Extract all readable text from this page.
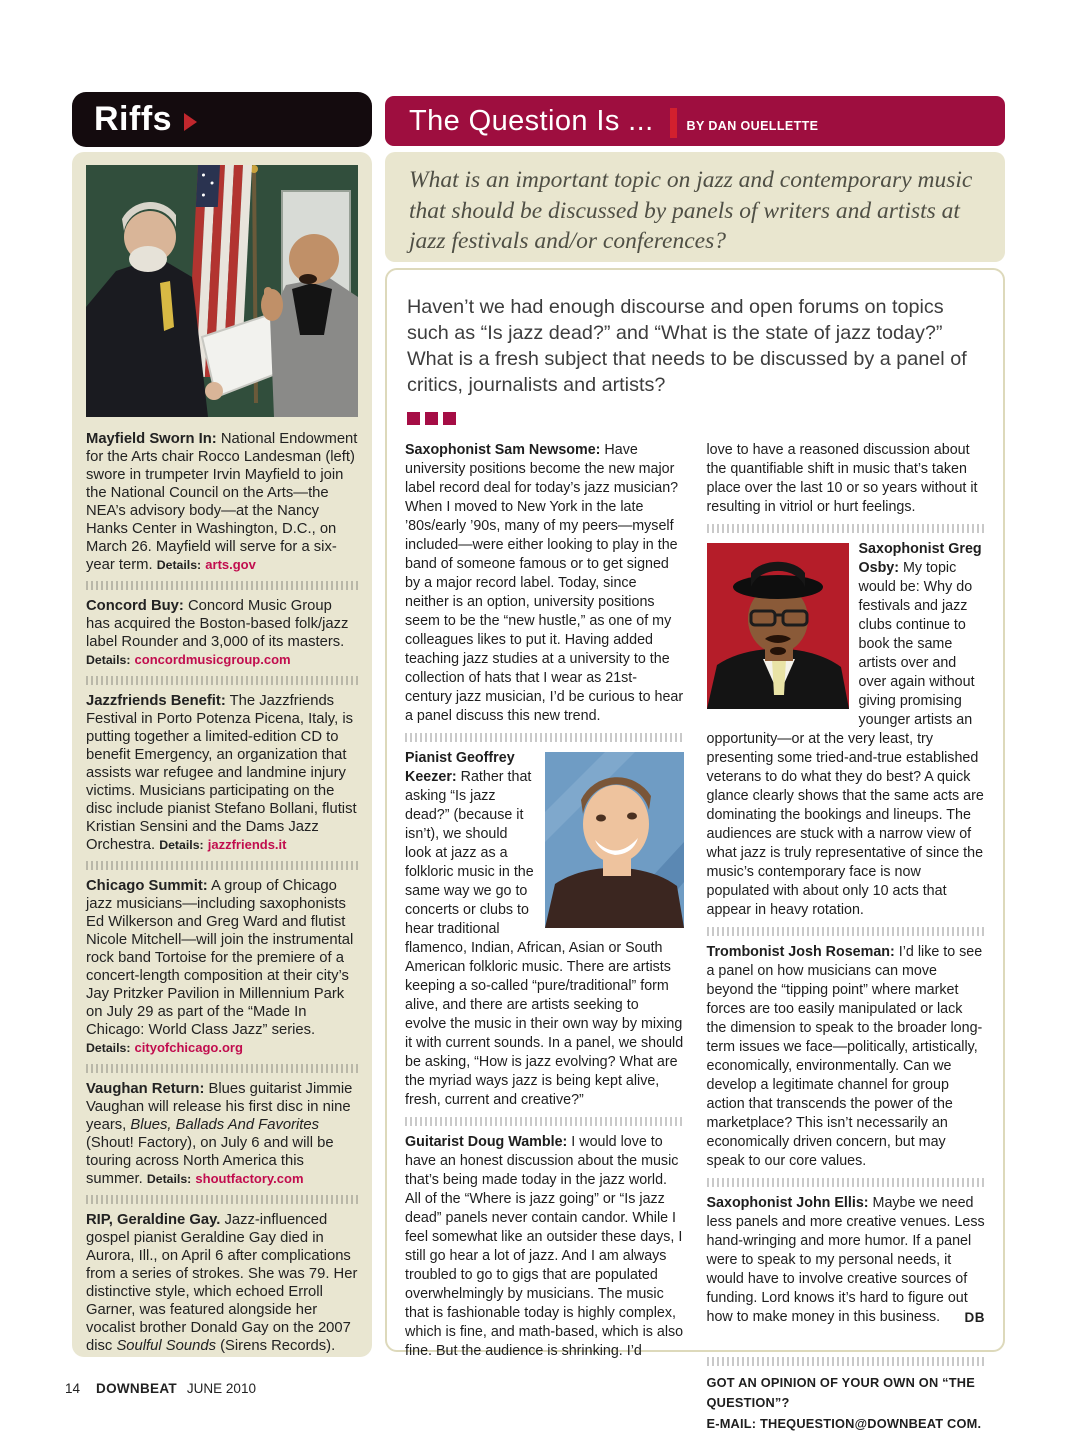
Riffs	The Question Is ...	BY DAN OUELLETTE

What is an important topic on jazz and contemporary music that should be discussed by panels of writers and artists at jazz festivals and/or conferences?

Mayfield Sworn In: National Endowment for the Arts chair Rocco Landesman (left) swore in trumpeter Irvin Mayfield to join the National Council on the Arts—the NEA’s advisory body—at the Nancy Hanks Center in Washington, D.C., on March 26. Mayfield will serve for a six-year term. Details: arts.gov

Concord Buy: Concord Music Group has acquired the Boston-based folk/jazz label Rounder and 3,000 of its masters. Details: concordmusicgroup.com

Jazzfriends Benefit: The Jazzfriends Festival in Porto Potenza Picena, Italy, is putting together a limited-edition CD to benefit Emergency, an organization that assists war refugee and landmine injury victims. Musicians participating on the disc include pianist Stefano Bollani, flutist Kristian Sensini and the Dams Jazz Orchestra. Details: jazzfriends.it

Chicago Summit: A group of Chicago jazz musicians—including saxophonists Ed Wilkerson and Greg Ward and flutist Nicole Mitchell—will join the instrumental rock band Tortoise for the premiere of a concert-length composition at their city’s Jay Pritzker Pavilion in Millennium Park on July 29 as part of the “Made In Chicago: World Class Jazz” series. Details: cityofchicago.org

Vaughan Return: Blues guitarist Jimmie Vaughan will release his first disc in nine years, Blues, Ballads And Favorites (Shout! Factory), on July 6 and will be touring across North America this summer. Details: shoutfactory.com

RIP, Geraldine Gay. Jazz-influenced gospel pianist Geraldine Gay died in Aurora, Ill., on April 6 after complications from a series of strokes. She was 79. Her distinctive style, which echoed Erroll Garner, was featured alongside her vocalist brother Donald Gay on the 2007 disc Soulful Sounds (Sirens Records).

Haven’t we had enough discourse and open forums on topics such as “Is jazz dead?” and “What is the state of jazz today?” What is a fresh subject that needs to be discussed by a panel of critics, journalists and artists?

Saxophonist Sam Newsome: Have university positions become the new major label record deal for today’s jazz musician? When I moved to New York in the late ’80s/early ’90s, many of my peers—myself included—were either looking to play in the band of someone famous or to get signed by a major record label. Today, since neither is an option, university positions seem to be the “new hustle,” as one of my colleagues likes to put it. Having added teaching jazz studies at a university to the collection of hats that I wear as 21st-century jazz musician, I’d be curious to hear a panel discuss this new trend.

Pianist Geoffrey Keezer: Rather that asking “Is jazz dead?” (because it isn’t), we should look at jazz as a folkloric music in the same way we go to concerts or clubs to hear traditional flamenco, Indian, African, Asian or South American folkloric music. There are artists keeping a so-called “pure/traditional” form alive, and there are artists seeking to evolve the music in their own way by mixing it with current sounds. In a panel, we should be asking, “How is jazz evolving? What are the myriad ways jazz is being kept alive, fresh, current and creative?”

Guitarist Doug Wamble: I would love to have an honest discussion about the music that’s being made today in the jazz world. All of the “Where is jazz going” or “Is jazz dead” panels never contain candor. While I feel somewhat like an outsider these days, I still go hear a lot of jazz. And I am always troubled to go to gigs that are populated overwhelmingly by musicians. The music that is fashionable today is highly complex, which is fine, and math-based, which is also fine. But the audience is shrinking. I’d

love to have a reasoned discussion about the quantifiable shift in music that’s taken place over the last 10 or so years without it resulting in vitriol or hurt feelings.

Saxophonist Greg Osby: My topic would be: Why do festivals and jazz clubs continue to book the same artists over and over again without giving promising younger artists an opportunity—or at the very least, try presenting some tried-and-true established veterans to do what they do best? A quick glance clearly shows that the same acts are dominating the bookings and lineups. The audiences are stuck with a narrow view of what jazz is truly representative of since the music’s contemporary face is now populated with about only 10 acts that appear in heavy rotation.

Trombonist Josh Roseman: I’d like to see a panel on how musicians can move beyond the “tipping point” where market forces are too easily manipulated or lack the dimension to speak to the broader long-term issues we face—politically, artistically, economically, environmentally. Can we develop a legitimate channel for group action that transcends the power of the marketplace? This isn’t necessarily an economically driven concern, but may speak to our core values.

Saxophonist John Ellis: Maybe we need less panels and more creative venues. Less hand-wringing and more humor. If a panel were to speak to my personal needs, it would have to involve creative sources of funding. Lord knows it’s hard to figure out how to make money in this business. DB

GOT AN OPINION OF YOUR OWN ON “THE QUESTION”?

E-MAIL: THEQUESTION@DOWNBEAT COM.

14 DOWNBEAT JUNE 2010
